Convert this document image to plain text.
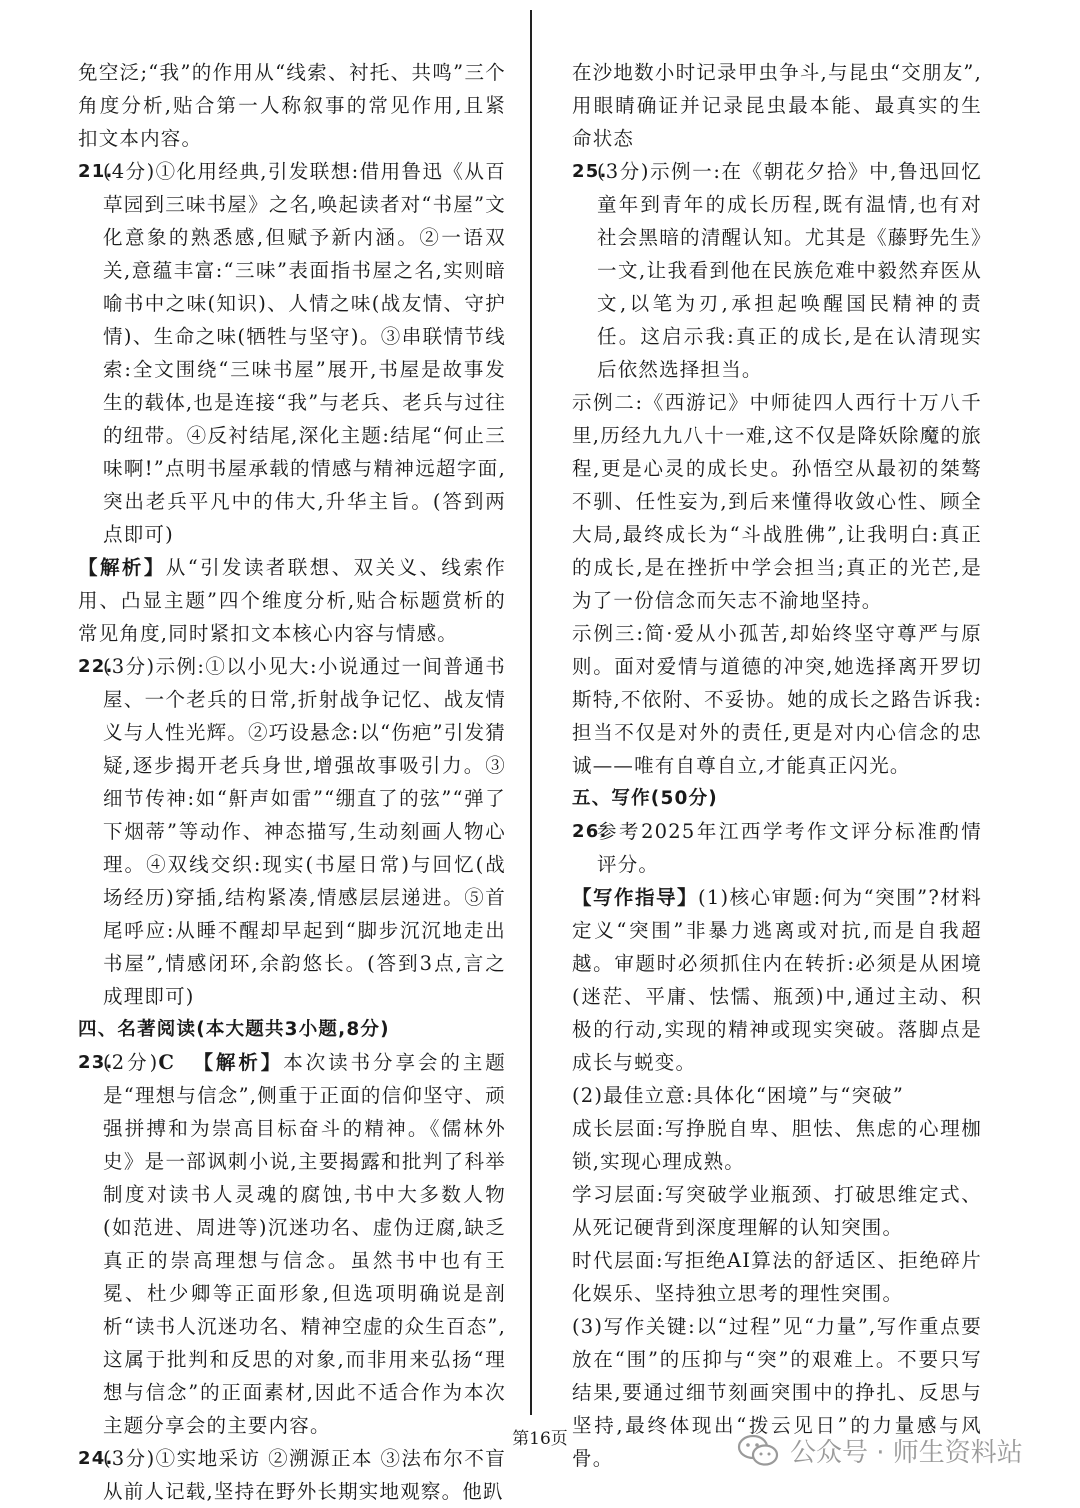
免空泛;“我”的作用从“线索、衬托、共鸣”三个角度分析,贴合第一人称叙事的常见作用,且紧扣文本内容。

21.
(4分)①化用经典,引发联想:借用鲁迅《从百草园到三味书屋》之名,唤起读者对“书屋”文化意象的熟悉感,但赋予新内涵。②一语双关,意蕴丰富:“三味”表面指书屋之名,实则暗喻书中之味(知识)、人情之味(战友情、守护情)、生命之味(牺牲与坚守)。③串联情节线索:全文围绕“三味书屋”展开,书屋是故事发生的载体,也是连接“我”与老兵、老兵与过往的纽带。④反衬结尾,深化主题:结尾“何止三味啊!”点明书屋承载的情感与精神远超字面,突出老兵平凡中的伟大,升华主旨。(答到两点即可)

【解析】从“引发读者联想、双关义、线索作用、凸显主题”四个维度分析,贴合标题赏析的常见角度,同时紧扣文本核心内容与情感。

22.
(3分)示例:①以小见大:小说通过一间普通书屋、一个老兵的日常,折射战争记忆、战友情义与人性光辉。②巧设悬念:以“伤疤”引发猜疑,逐步揭开老兵身世,增强故事吸引力。③细节传神:如“鼾声如雷”“绷直了的弦”“弹了下烟蒂”等动作、神态描写,生动刻画人物心理。④双线交织:现实(书屋日常)与回忆(战场经历)穿插,结构紧凑,情感层层递进。⑤首尾呼应:从睡不醒却早起到“脚步沉沉地走出书屋”,情感闭环,余韵悠长。(答到3点,言之成理即可)

四、名著阅读(本大题共3小题,8分)

23.
(2分)C 【解析】本次读书分享会的主题是“理想与信念”,侧重于正面的信仰坚守、顽强拼搏和为崇高目标奋斗的精神。《儒林外史》是一部讽刺小说,主要揭露和批判了科举制度对读书人灵魂的腐蚀,书中大多数人物(如范进、周进等)沉迷功名、虚伪迂腐,缺乏真正的崇高理想与信念。虽然书中也有王冕、杜少卿等正面形象,但选项明确说是剖析“读书人沉迷功名、精神空虚的众生百态”,这属于批判和反思的对象,而非用来弘扬“理想与信念”的正面素材,因此不适合作为本次主题分享会的主要内容。
24.
(3分)①实地采访 ②溯源正本 ③法布尔不盲从前人记载,坚持在野外长期实地观察。他趴

在沙地数小时记录甲虫争斗,与昆虫“交朋友”,用眼睛确证并记录昆虫最本能、最真实的生命状态

25.
(3分)示例一:在《朝花夕拾》中,鲁迅回忆童年到青年的成长历程,既有温情,也有对社会黑暗的清醒认知。尤其是《藤野先生》一文,让我看到他在民族危难中毅然弃医从文,以笔为刃,承担起唤醒国民精神的责任。这启示我:真正的成长,是在认清现实后依然选择担当。

示例二:《西游记》中师徒四人西行十万八千里,历经九九八十一难,这不仅是降妖除魔的旅程,更是心灵的成长史。孙悟空从最初的桀骜不驯、任性妄为,到后来懂得收敛心性、顾全大局,最终成长为“斗战胜佛”,让我明白:真正的成长,是在挫折中学会担当;真正的光芒,是为了一份信念而矢志不渝地坚持。

示例三:简·爱从小孤苦,却始终坚守尊严与原则。面对爱情与道德的冲突,她选择离开罗切斯特,不依附、不妥协。她的成长之路告诉我:担当不仅是对外的责任,更是对内心信念的忠诚——唯有自尊自立,才能真正闪光。

五、写作(50分)

26.
参考2025年江西学考作文评分标准酌情评分。

【写作指导】(1)核心审题:何为“突围”?材料定义“突围”非暴力逃离或对抗,而是自我超越。审题时必须抓住内在转折:必须是从困境(迷茫、平庸、怯懦、瓶颈)中,通过主动、积极的行动,实现的精神或现实突破。落脚点是成长与蜕变。

(2)最佳立意:具体化“困境”与“突破”

成长层面:写挣脱自卑、胆怯、焦虑的心理枷锁,实现心理成熟。

学习层面:写突破学业瓶颈、打破思维定式、从死记硬背到深度理解的认知突围。

时代层面:写拒绝AI算法的舒适区、拒绝碎片化娱乐、坚持独立思考的理性突围。

(3)写作关键:以“过程”见“力量”,写作重点要放在“围”的压抑与“突”的艰难上。不要只写结果,要通过细节刻画突围中的挣扎、反思与坚持,最终体现出“拨云见日”的力量感与风骨。

第16页	公众号 · 师生资料站
